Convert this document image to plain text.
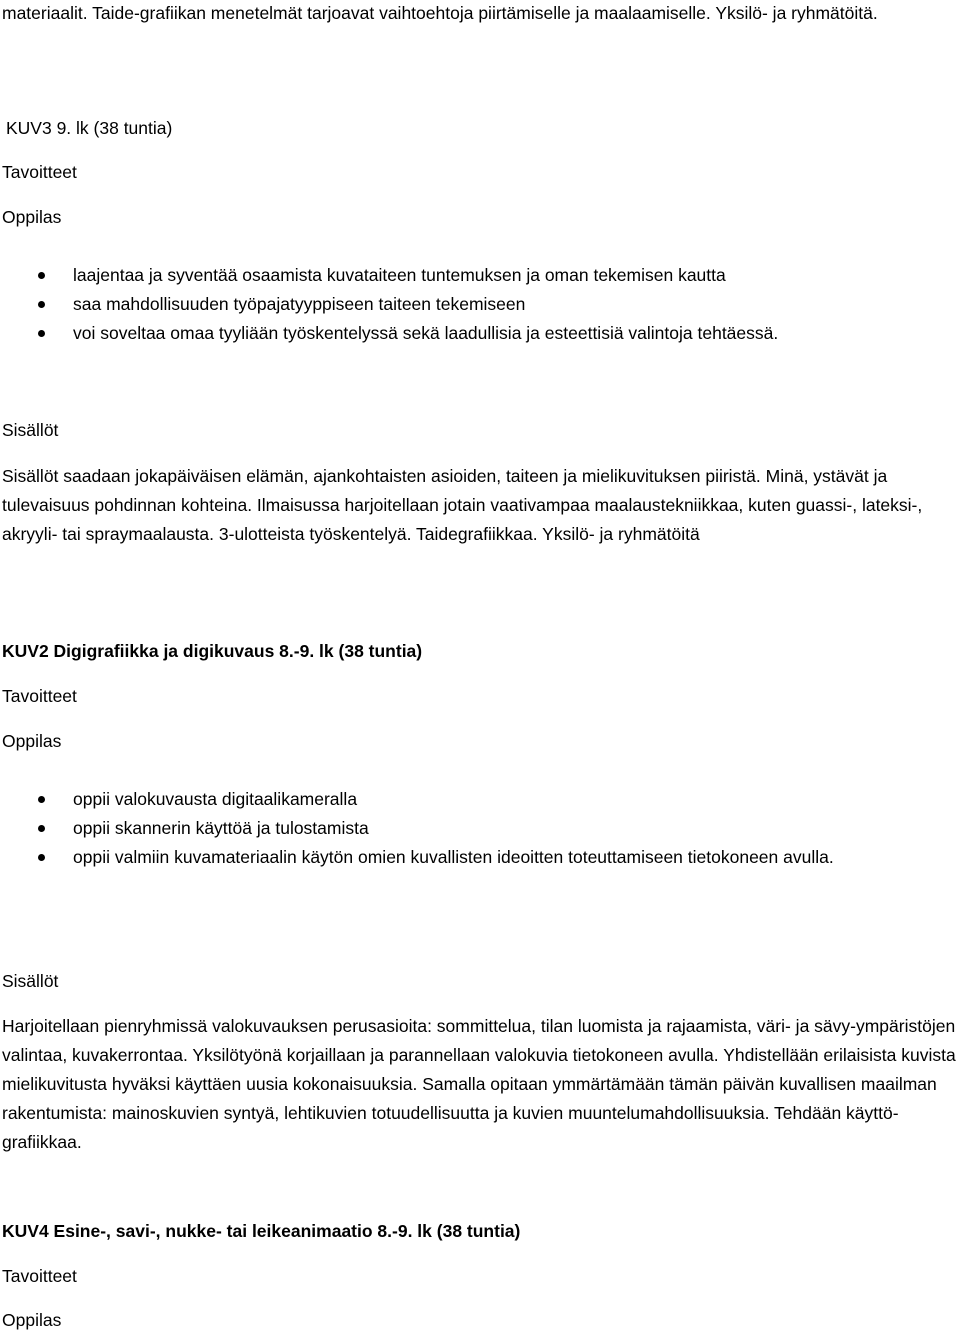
materiaalit. Taide-grafiikan menetelmät tarjoavat vaihtoehtoja piirtämiselle ja maalaamiselle. Yksilö- ja ryhmätöitä.

KUV3 9. lk (38 tuntia)

Tavoitteet

Oppilas

laajentaa ja syventää osaamista kuvataiteen tuntemuksen ja oman tekemisen kautta
saa mahdollisuuden työpajatyyppiseen taiteen tekemiseen
voi soveltaa omaa tyyliään työskentelyssä sekä laadullisia ja esteettisiä valintoja tehtäessä.

Sisällöt

Sisällöt saadaan jokapäiväisen elämän, ajankohtaisten asioiden, taiteen ja mielikuvituksen piiristä. Minä, ystävät ja tulevaisuus pohdinnan kohteina. Ilmaisussa harjoitellaan jotain vaativampaa maalaustekniikkaa, kuten guassi-, lateksi-, akryyli- tai spraymaalausta. 3-ulotteista työskentelyä. Taidegrafiikkaa. Yksilö- ja ryhmätöitä

KUV2 Digigrafiikka ja digikuvaus 8.-9. lk (38 tuntia)

Tavoitteet

Oppilas

oppii valokuvausta digitaalikameralla
oppii skannerin käyttöä ja tulostamista
oppii valmiin kuvamateriaalin käytön omien kuvallisten ideoitten toteuttamiseen tietokoneen avulla.

Sisällöt

Harjoitellaan pienryhmissä valokuvauksen perusasioita: sommittelua, tilan luomista ja rajaamista, väri- ja sävy-ympäristöjen valintaa, kuvakerrontaa. Yksilötyönä korjaillaan ja parannellaan valokuvia tietokoneen avulla. Yhdistellään erilaisista kuvista mielikuvitusta hyväksi käyttäen uusia kokonaisuuksia. Samalla opitaan ymmärtämään tämän päivän kuvallisen maailman rakentumista: mainoskuvien syntyä, lehtikuvien totuudellisuutta ja kuvien muuntelumahdollisuuksia. Tehdään käyttö-grafiikkaa.

KUV4 Esine-, savi-, nukke- tai leikeanimaatio 8.-9. lk (38 tuntia)

Tavoitteet

Oppilas
